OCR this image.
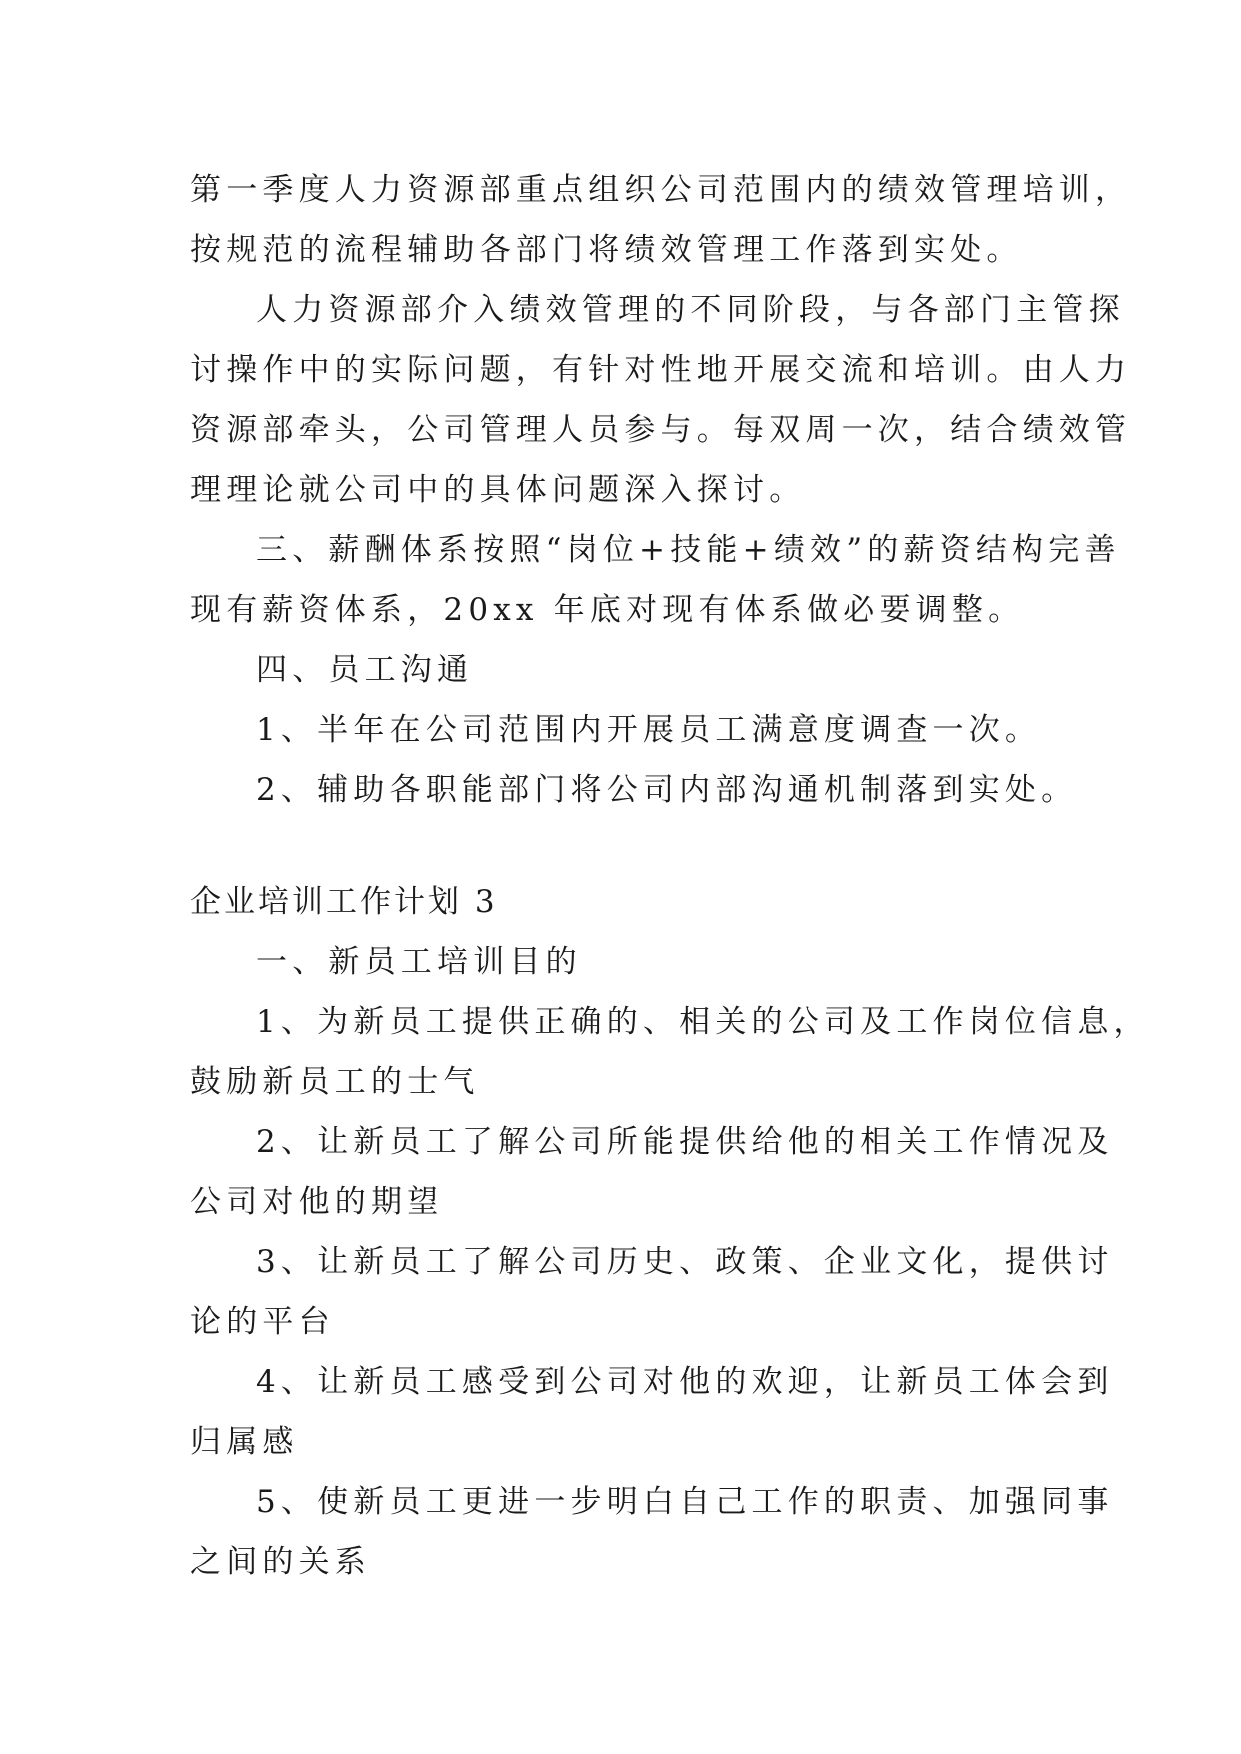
第一季度人力资源部重点组织公司范围内的绩效管理培训，
按规范的流程辅助各部门将绩效管理工作落到实处。
人力资源部介入绩效管理的不同阶段，与各部门主管探
讨操作中的实际问题，有针对性地开展交流和培训。由人力
资源部牵头，公司管理人员参与。每双周一次，结合绩效管
理理论就公司中的具体问题深入探讨。
三、薪酬体系按照“岗位+技能+绩效”的薪资结构完善
现有薪资体系，20xx 年底对现有体系做必要调整。
四、员工沟通
1、半年在公司范围内开展员工满意度调查一次。
2、辅助各职能部门将公司内部沟通机制落到实处。
企业培训工作计划 3
一、新员工培训目的
1、为新员工提供正确的、相关的公司及工作岗位信息，
鼓励新员工的士气
2、让新员工了解公司所能提供给他的相关工作情况及
公司对他的期望
3、让新员工了解公司历史、政策、企业文化，提供讨
论的平台
4、让新员工感受到公司对他的欢迎，让新员工体会到
归属感
5、使新员工更进一步明白自己工作的职责、加强同事
之间的关系
